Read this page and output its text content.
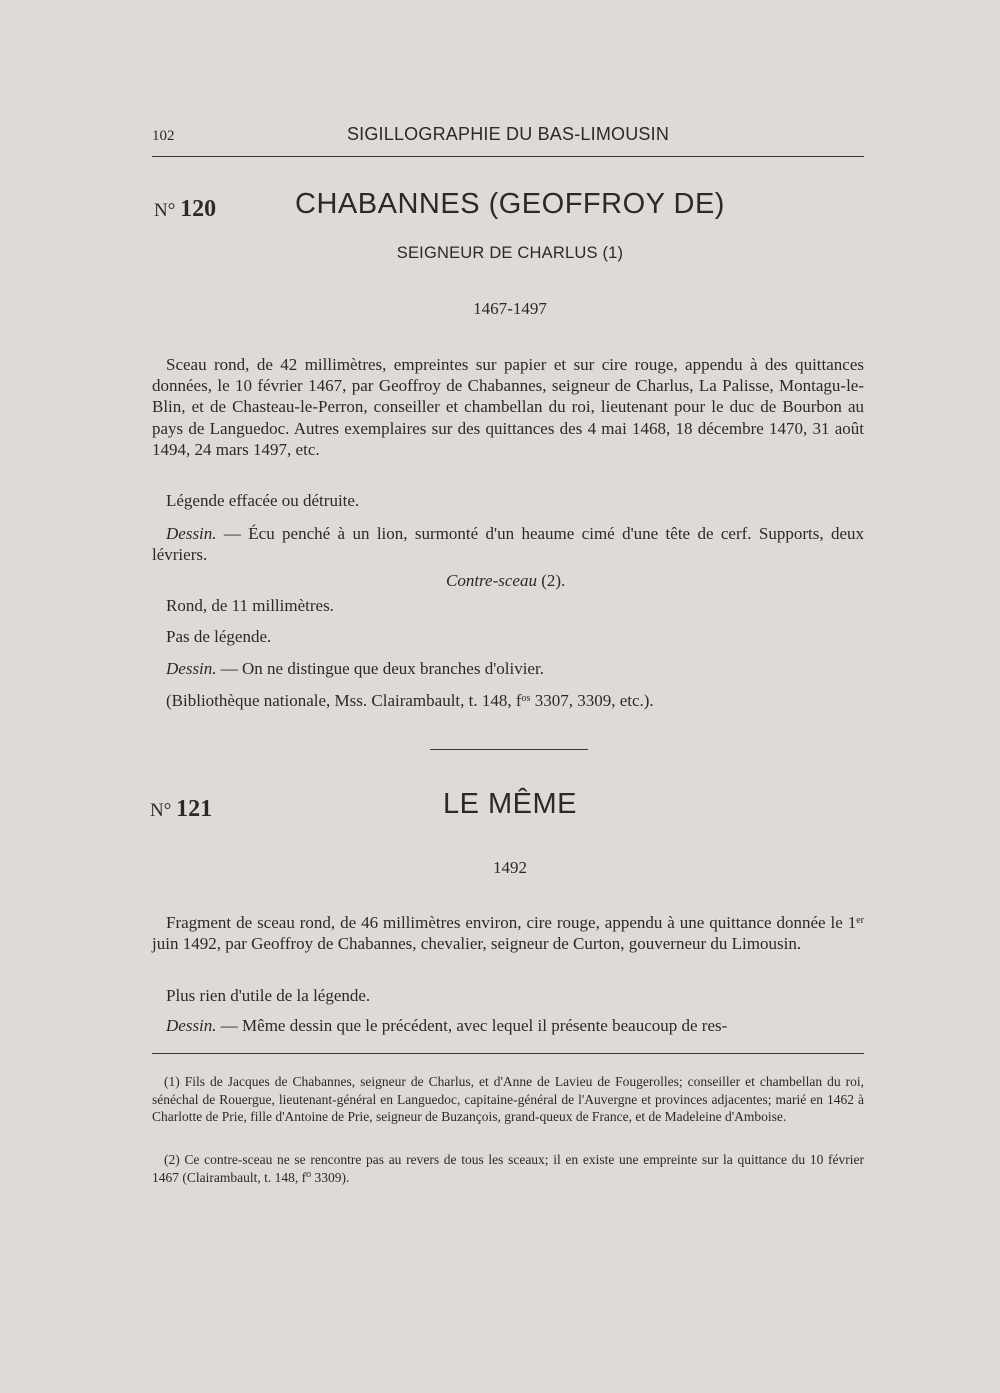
102	SIGILLOGRAPHIE DU BAS-LIMOUSIN
N° 120	CHABANNES (GEOFFROY DE)
SEIGNEUR DE CHARLUS (1)
1467-1497
Sceau rond, de 42 millimètres, empreintes sur papier et sur cire rouge, appendu à des quittances données, le 10 février 1467, par Geoffroy de Chabannes, seigneur de Charlus, La Palisse, Montagu-le-Blin, et de Chasteau-le-Perron, conseiller et chambellan du roi, lieutenant pour le duc de Bourbon au pays de Languedoc. Autres exemplaires sur des quittances des 4 mai 1468, 18 décembre 1470, 31 août 1494, 24 mars 1497, etc.
Légende effacée ou détruite.
Dessin. — Écu penché à un lion, surmonté d'un heaume cimé d'une tête de cerf. Supports, deux lévriers.
Contre-sceau (2).
Rond, de 11 millimètres.
Pas de légende.
Dessin. — On ne distingue que deux branches d'olivier.
(Bibliothèque nationale, Mss. Clairambault, t. 148, $f^{os}$ 3307, 3309, etc.).
N° 121	LE MÊME
1492
Fragment de sceau rond, de 46 millimètres environ, cire rouge, appendu à une quittance donnée le 1er juin 1492, par Geoffroy de Chabannes, chevalier, seigneur de Curton, gouverneur du Limousin.
Plus rien d'utile de la légende.
Dessin. — Même dessin que le précédent, avec lequel il présente beaucoup de res-
(1) Fils de Jacques de Chabannes, seigneur de Charlus, et d'Anne de Lavieu de Fougerolles; conseiller et chambellan du roi, sénéchal de Rouergue, lieutenant-général en Languedoc, capitaine-général de l'Auvergne et provinces adjacentes; marié en 1462 à Charlotte de Prie, fille d'Antoine de Prie, seigneur de Buzançois, grand-queux de France, et de Madeleine d'Amboise.
(2) Ce contre-sceau ne se rencontre pas au revers de tous les sceaux; il en existe une empreinte sur la quittance du 10 février 1467 (Clairambault, t. 148, $f^o$ 3309).
